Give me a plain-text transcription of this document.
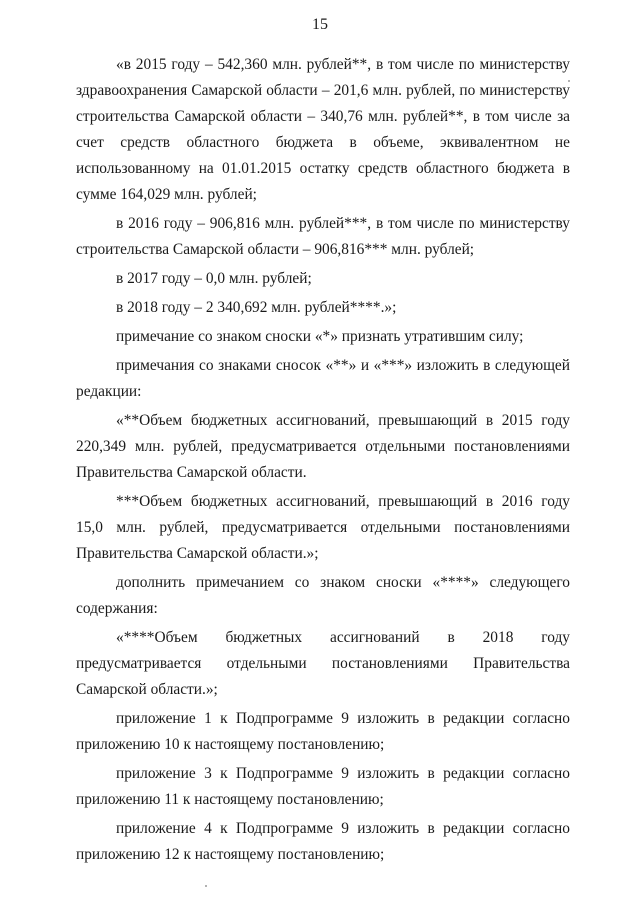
15

«в 2015 году – 542,360 млн. рублей**, в том числе по министерству здравоохранения Самарской области – 201,6 млн. рублей, по министерству строительства Самарской области – 340,76 млн. рублей**, в том числе за счет средств областного бюджета в объеме, эквивалентном не использованному на 01.01.2015 остатку средств областного бюджета в сумме 164,029 млн. рублей;

в 2016 году – 906,816 млн. рублей***, в том числе по министерству строительства Самарской области – 906,816*** млн. рублей;

в 2017 году – 0,0 млн. рублей;

в 2018 году – 2 340,692 млн. рублей****.»;

примечание со знаком сноски «*» признать утратившим силу;

примечания со знаками сносок «**» и «***» изложить в следующей редакции:

«**Объем бюджетных ассигнований, превышающий в 2015 году 220,349 млн. рублей, предусматривается отдельными постановлениями Правительства Самарской области.

***Объем бюджетных ассигнований, превышающий в 2016 году 15,0 млн. рублей, предусматривается отдельными постановлениями Правительства Самарской области.»;

дополнить примечанием со знаком сноски «****» следующего содержания:

«****Объем бюджетных ассигнований в 2018 году предусматривается отдельными постановлениями Правительства Самарской области.»;

приложение 1 к Подпрограмме 9 изложить в редакции согласно приложению 10 к настоящему постановлению;

приложение 3 к Подпрограмме 9 изложить в редакции согласно приложению 11 к настоящему постановлению;

приложение 4 к Подпрограмме 9 изложить в редакции согласно приложению 12 к настоящему постановлению;
